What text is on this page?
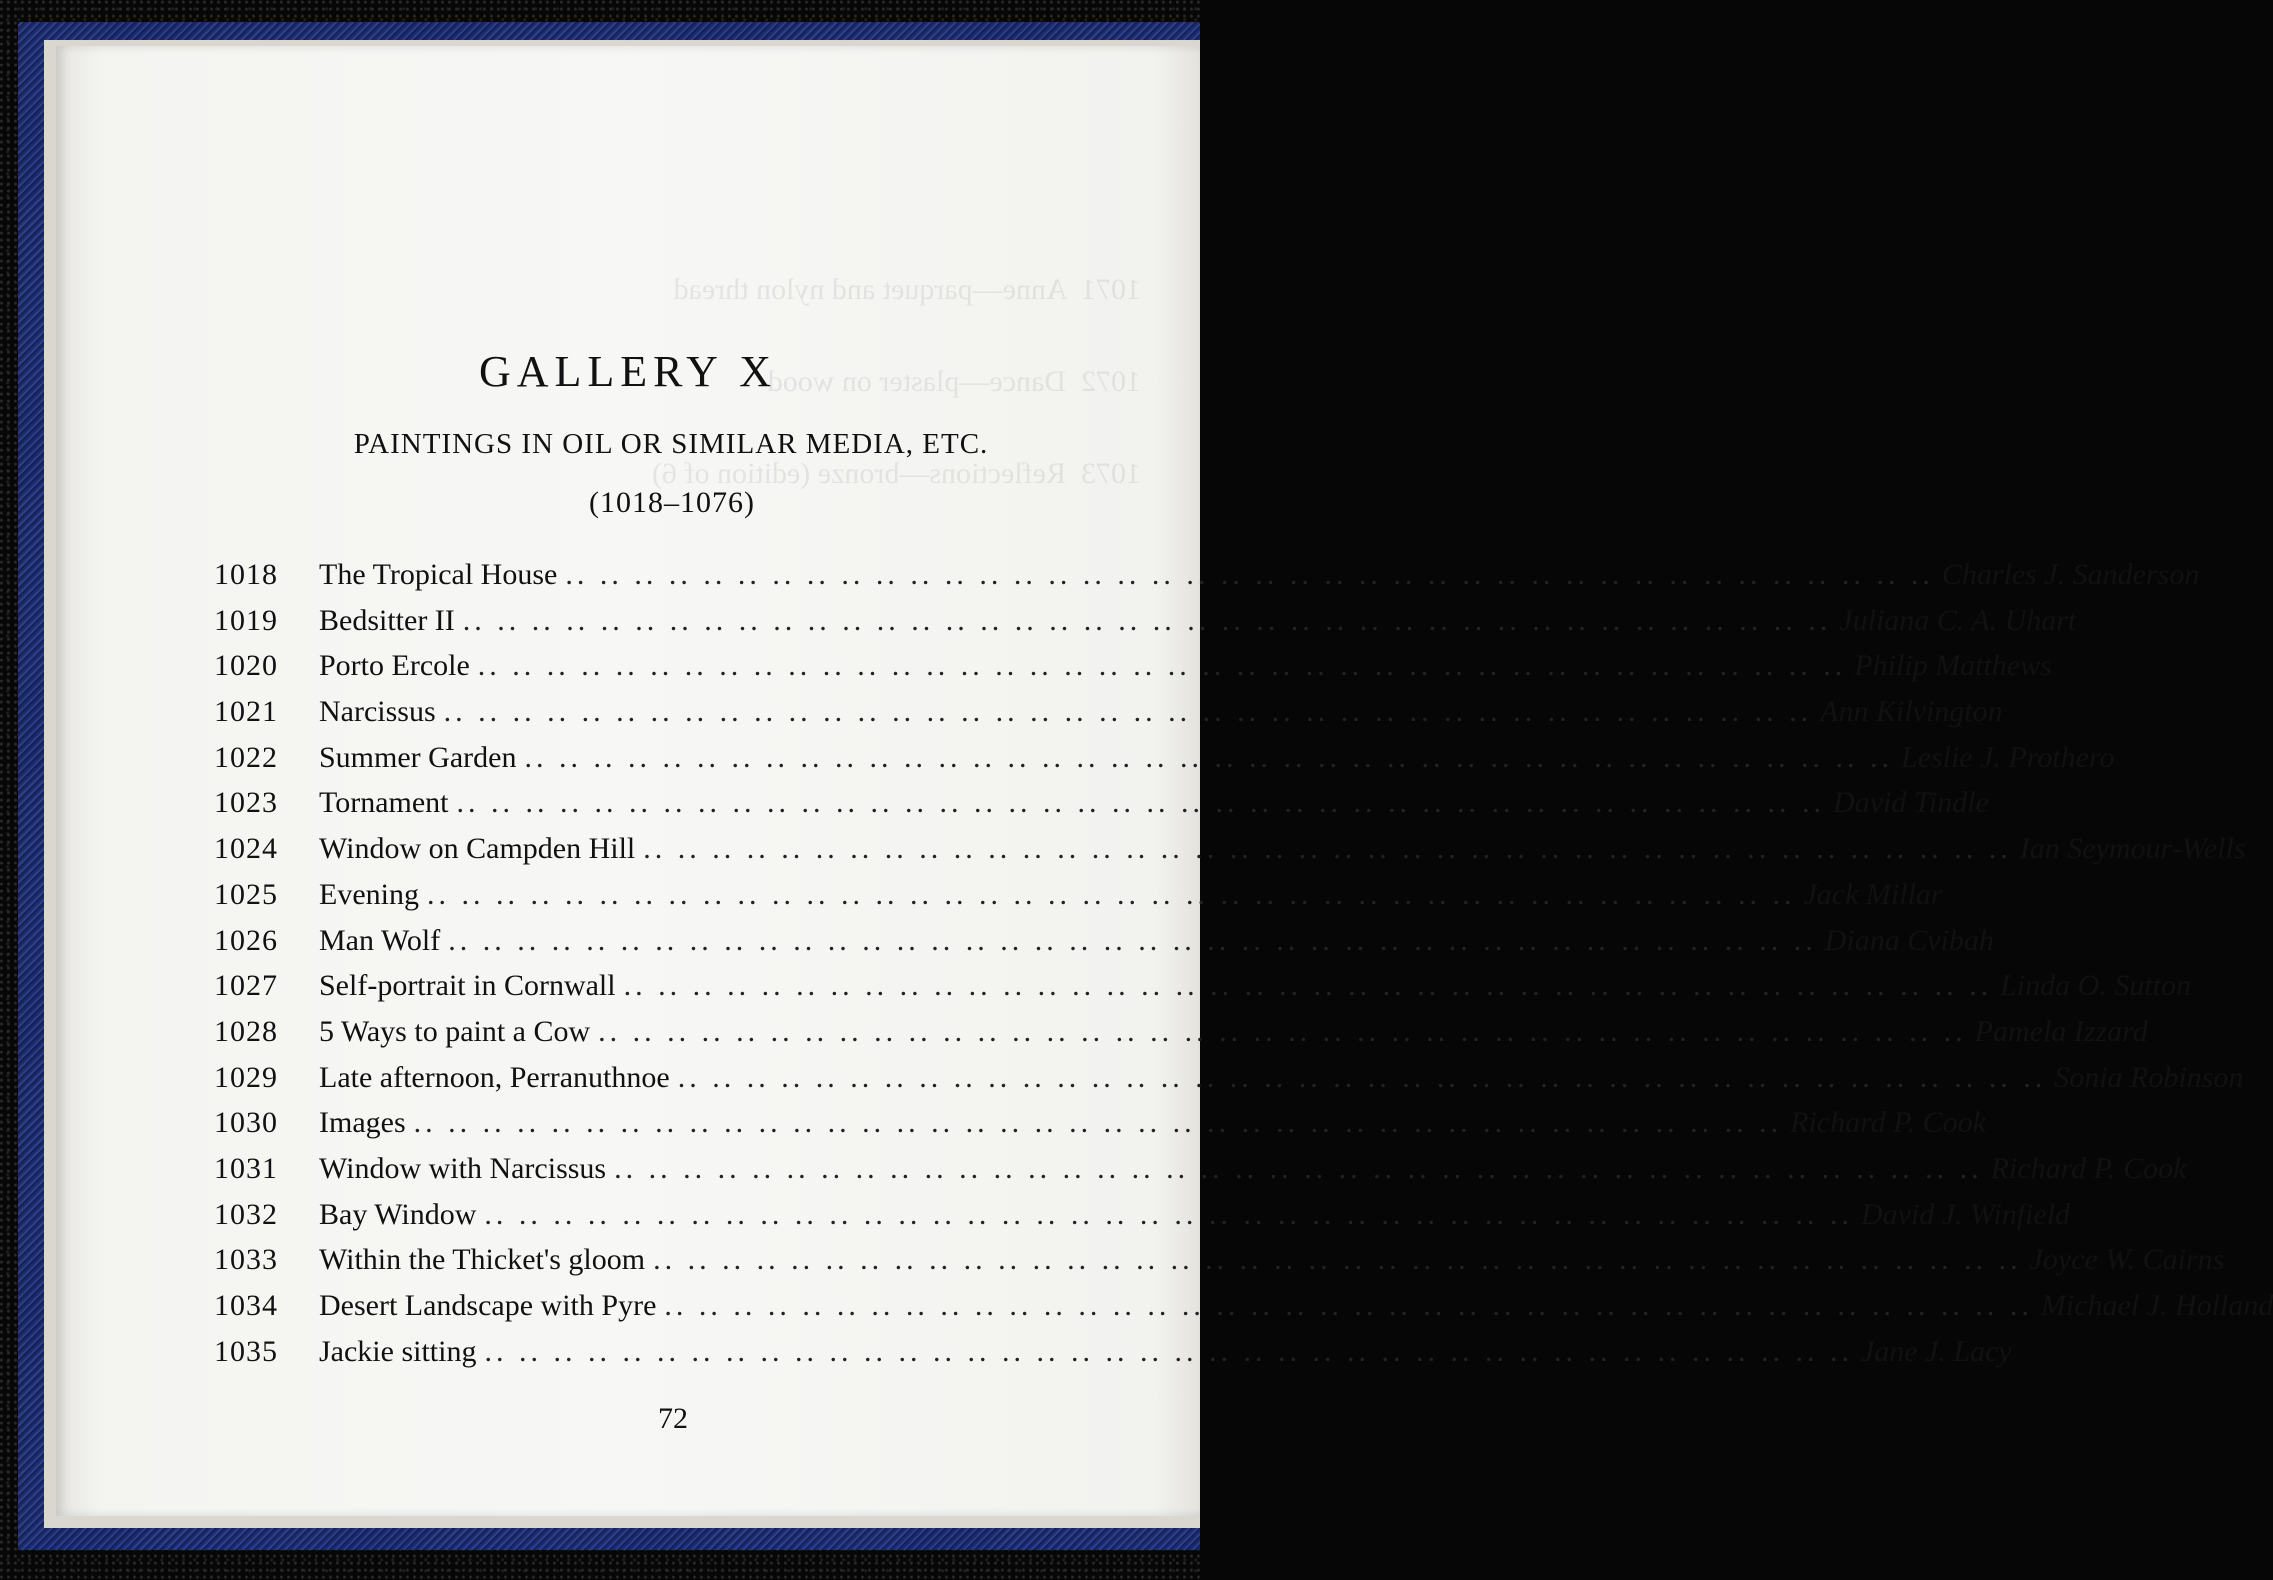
1071  Anne—parquet and nylon thread

1072  Dance—plaster on wood

1073  Reflections—bronze (edition of 6)

GALLERY X
PAINTINGS IN OIL OR SIMILAR MEDIA, ETC.
(1018–1076)
1018	The Tropical House .. .. .. .. .. .. .. .. .. .. .. .. .. .. .. .. .. .. .. .. .. .. .. .. .. .. .. .. .. .. .. .. .. .. .. .. .. .. .. .. Charles J. Sanderson
1019	Bedsitter II .. .. .. .. .. .. .. .. .. .. .. .. .. .. .. .. .. .. .. .. .. .. .. .. .. .. .. .. .. .. .. .. .. .. .. .. .. .. .. .. Juliana C. A. Uhart
1020	Porto Ercole .. .. .. .. .. .. .. .. .. .. .. .. .. .. .. .. .. .. .. .. .. .. .. .. .. .. .. .. .. .. .. .. .. .. .. .. .. .. .. .. Philip Matthews
1021	Narcissus .. .. .. .. .. .. .. .. .. .. .. .. .. .. .. .. .. .. .. .. .. .. .. .. .. .. .. .. .. .. .. .. .. .. .. .. .. .. .. .. Ann Kilvington
1022	Summer Garden .. .. .. .. .. .. .. .. .. .. .. .. .. .. .. .. .. .. .. .. .. .. .. .. .. .. .. .. .. .. .. .. .. .. .. .. .. .. .. .. Leslie J. Prothero
1023	Tornament .. .. .. .. .. .. .. .. .. .. .. .. .. .. .. .. .. .. .. .. .. .. .. .. .. .. .. .. .. .. .. .. .. .. .. .. .. .. .. .. David Tindle
1024	Window on Campden Hill .. .. .. .. .. .. .. .. .. .. .. .. .. .. .. .. .. .. .. .. .. .. .. .. .. .. .. .. .. .. .. .. .. .. .. .. .. .. .. .. Ian Seymour-Wells
1025	Evening .. .. .. .. .. .. .. .. .. .. .. .. .. .. .. .. .. .. .. .. .. .. .. .. .. .. .. .. .. .. .. .. .. .. .. .. .. .. .. .. Jack Millar
1026	Man Wolf .. .. .. .. .. .. .. .. .. .. .. .. .. .. .. .. .. .. .. .. .. .. .. .. .. .. .. .. .. .. .. .. .. .. .. .. .. .. .. .. Diana Cvibah
1027	Self-portrait in Cornwall .. .. .. .. .. .. .. .. .. .. .. .. .. .. .. .. .. .. .. .. .. .. .. .. .. .. .. .. .. .. .. .. .. .. .. .. .. .. .. .. Linda O. Sutton
1028	5 Ways to paint a Cow .. .. .. .. .. .. .. .. .. .. .. .. .. .. .. .. .. .. .. .. .. .. .. .. .. .. .. .. .. .. .. .. .. .. .. .. .. .. .. .. Pamela Izzard
1029	Late afternoon, Perranuthnoe .. .. .. .. .. .. .. .. .. .. .. .. .. .. .. .. .. .. .. .. .. .. .. .. .. .. .. .. .. .. .. .. .. .. .. .. .. .. .. .. Sonia Robinson
1030	Images .. .. .. .. .. .. .. .. .. .. .. .. .. .. .. .. .. .. .. .. .. .. .. .. .. .. .. .. .. .. .. .. .. .. .. .. .. .. .. .. Richard P. Cook
1031	Window with Narcissus .. .. .. .. .. .. .. .. .. .. .. .. .. .. .. .. .. .. .. .. .. .. .. .. .. .. .. .. .. .. .. .. .. .. .. .. .. .. .. .. Richard P. Cook
1032	Bay Window .. .. .. .. .. .. .. .. .. .. .. .. .. .. .. .. .. .. .. .. .. .. .. .. .. .. .. .. .. .. .. .. .. .. .. .. .. .. .. .. David J. Winfield
1033	Within the Thicket's gloom .. .. .. .. .. .. .. .. .. .. .. .. .. .. .. .. .. .. .. .. .. .. .. .. .. .. .. .. .. .. .. .. .. .. .. .. .. .. .. .. Joyce W. Cairns
1034	Desert Landscape with Pyre .. .. .. .. .. .. .. .. .. .. .. .. .. .. .. .. .. .. .. .. .. .. .. .. .. .. .. .. .. .. .. .. .. .. .. .. .. .. .. .. Michael J. Holland
1035	Jackie sitting .. .. .. .. .. .. .. .. .. .. .. .. .. .. .. .. .. .. .. .. .. .. .. .. .. .. .. .. .. .. .. .. .. .. .. .. .. .. .. .. Jane J. Lacy
72
